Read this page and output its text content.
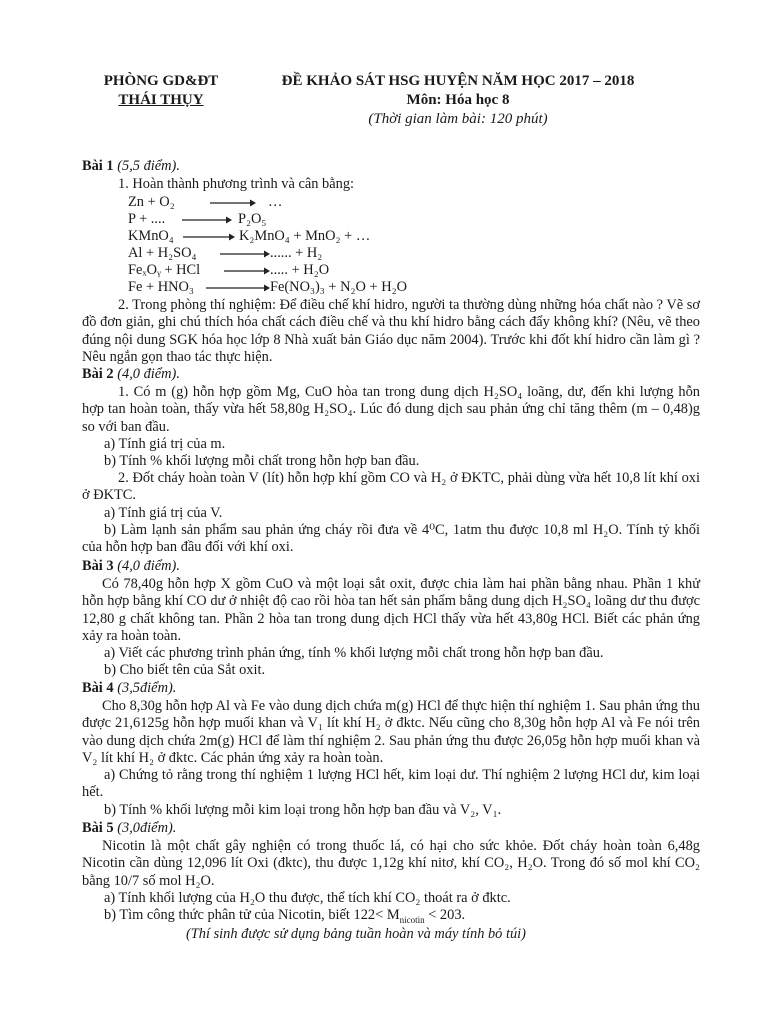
PHÒNG GD&ĐT
THÁI THỤY
ĐỀ KHẢO SÁT HSG HUYỆN NĂM HỌC 2017 – 2018
Môn: Hóa học 8
(Thời gian làm bài: 120 phút)
Bài 1 (5,5 điểm).
1. Hoàn thành phương trình và cân bằng:
Zn + O₂	…
P + ....	P₂O₅
KMnO₄	K₂MnO₄ + MnO₂ + …
Al + H₂SO₄	...... + H₂
FeₓOᵧ + HCl	..... + H₂O
Fe + HNO₃	Fe(NO₃)₃ + N₂O + H₂O
2. Trong phòng thí nghiệm: Để điều chế khí hidro, người ta thường dùng những hóa chất nào ? Vẽ sơ đồ đơn giản, ghi chú thích hóa chất cách điều chế và thu khí hidro bằng cách đẩy không khí? (Nêu, vẽ theo đúng nội dung SGK hóa học lớp 8 Nhà xuất bản Giáo dục năm 2004). Trước khi đốt khí hidro cần làm gì ? Nêu ngắn gọn thao tác thực hiện.
Bài 2 (4,0 điểm).
1. Có m (g) hỗn hợp gồm Mg, CuO hòa tan trong dung dịch H₂SO₄ loãng, dư, đến khi lượng hỗn hợp tan hoàn toàn, thấy vừa hết 58,80g H₂SO₄. Lúc đó dung dịch sau phản ứng chỉ tăng thêm (m – 0,48)g so với ban đầu.
a) Tính giá trị của m.
b) Tính % khối lượng mỗi chất trong hỗn hợp ban đầu.
2. Đốt cháy hoàn toàn V (lít) hỗn hợp khí gồm CO và H₂ ở ĐKTC, phải dùng vừa hết 10,8 lít khí oxi ở ĐKTC.
a) Tính giá trị của V.
b) Làm lạnh sản phẩm sau phản ứng cháy rồi đưa về 4⁰C, 1atm thu được 10,8 ml H₂O. Tính tỷ khối của hỗn hợp ban đầu đối với khí oxi.
Bài 3 (4,0 điểm).
Có 78,40g hỗn hợp X gồm CuO và một loại sắt oxit, được chia làm hai phần bằng nhau. Phần 1 khử hỗn hợp bằng khí CO dư ở nhiệt độ cao rồi hòa tan hết sản phẩm bằng dung dịch H₂SO₄ loãng dư thu được 12,80 g chất không tan. Phần 2 hòa tan trong dung dịch HCl thấy vừa hết 43,80g HCl. Biết các phản ứng xảy ra hoàn toàn.
a) Viết các phương trình phản ứng, tính % khối lượng mỗi chất trong hỗn hợp ban đầu.
b) Cho biết tên của Sắt oxit.
Bài 4 (3,5điểm).
Cho 8,30g hỗn hợp Al và Fe vào dung dịch chứa m(g) HCl để thực hiện thí nghiệm 1. Sau phản ứng thu được 21,6125g hỗn hợp muối khan và V₁ lít khí H₂ ở đktc. Nếu cũng cho 8,30g hỗn hợp Al và Fe nói trên vào dung dịch chứa 2m(g) HCl để làm thí nghiệm 2. Sau phản ứng thu được 26,05g hỗn hợp muối khan và V₂ lít khí H₂ ở đktc. Các phản ứng xảy ra hoàn toàn.
a) Chứng tỏ rằng trong thí nghiệm 1 lượng HCl hết, kim loại dư. Thí nghiệm 2 lượng HCl dư, kim loại hết.
b) Tính % khối lượng mỗi kim loại trong hỗn hợp ban đầu và V₂, V₁.
Bài 5 (3,0điểm).
Nicotin là một chất gây nghiện có trong thuốc lá, có hại cho sức khỏe. Đốt cháy hoàn toàn 6,48g Nicotin cần dùng 12,096 lít Oxi (đktc), thu được 1,12g khí nitơ, khí CO₂, H₂O. Trong đó số mol khí CO₂ bằng 10/7 số mol H₂O.
a) Tính khối lượng của H₂O thu được, thể tích khí CO₂ thoát ra ở đktc.
b) Tìm công thức phân tử của Nicotin, biết $122< M_{nicotin} < 203$.
(Thí sinh được sử dụng bảng tuần hoàn và máy tính bỏ túi)
